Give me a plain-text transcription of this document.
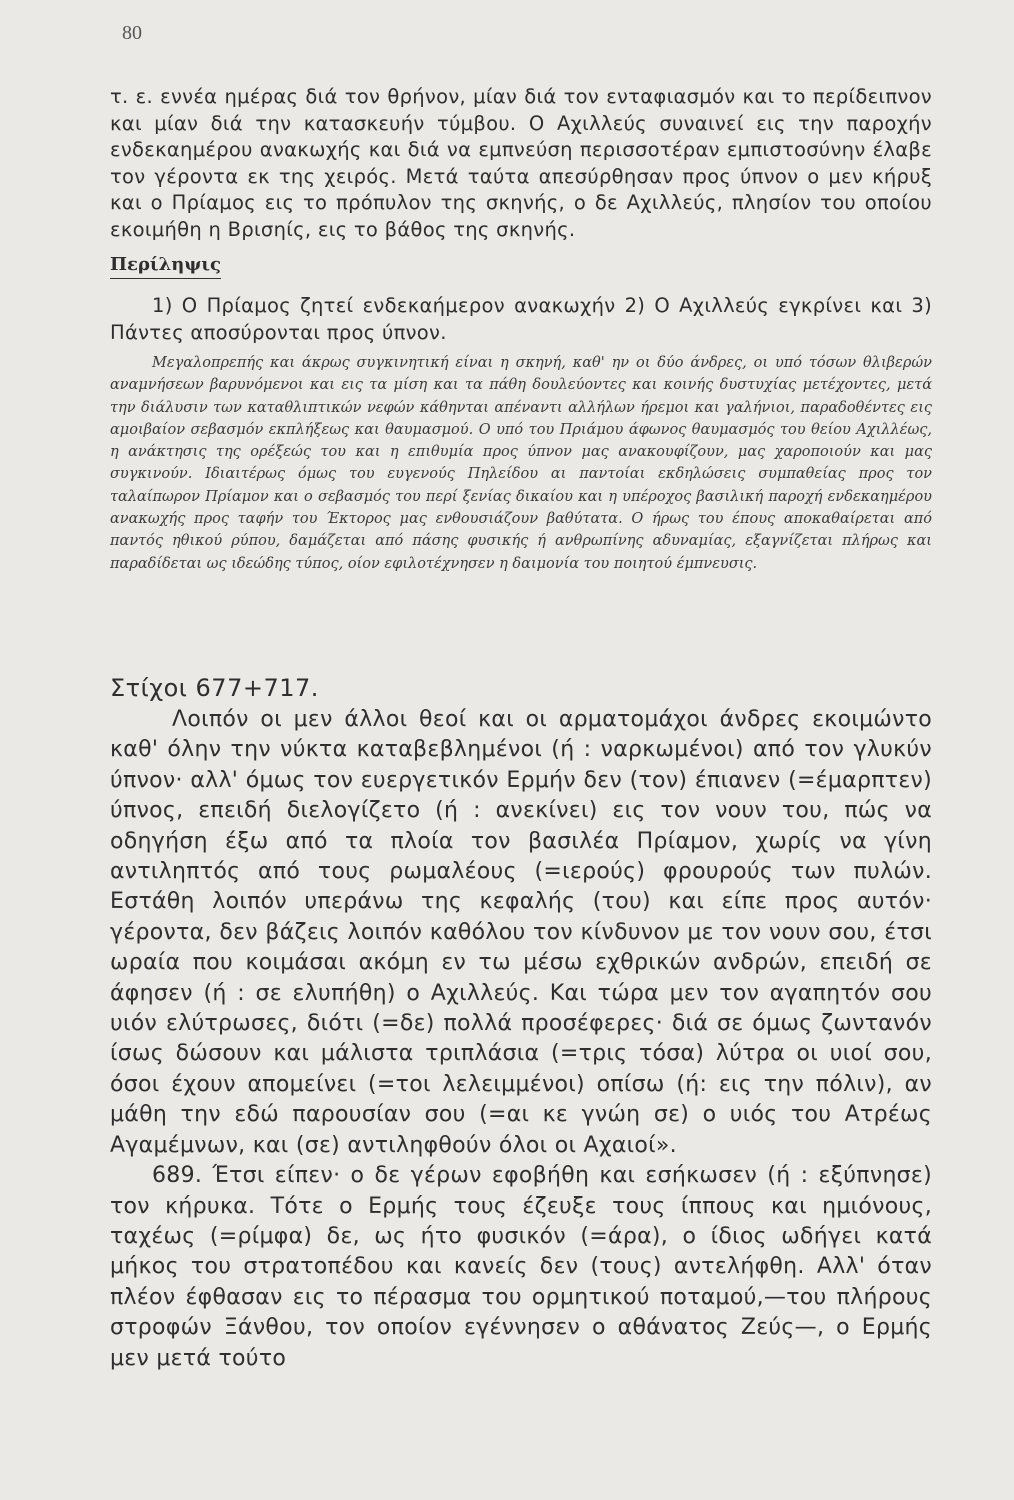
80
τ. ε. εννέα ημέρας διά τον θρήνον, μίαν διά τον ενταφιασμόν και το περίδειπνον και μίαν διά την κατασκευήν τύμβου. Ο Αχιλλεύς συναινεί εις την παροχήν ενδεκαημέρου ανακωχής και διά να εμπνεύση περισσοτέραν εμπιστοσύνην έλαβε τον γέροντα εκ της χειρός. Μετά ταύτα απεσύρθησαν προς ύπνον ο μεν κήρυξ και ο Πρίαμος εις το πρόπυλον της σκηνής, ο δε Αχιλλεύς, πλησίον του οποίου εκοιμήθη η Βρισηίς, εις το βάθος της σκηνής.
Περίληψις
1) Ο Πρίαμος ζητεί ενδεκαήμερον ανακωχήν 2) Ο Αχιλλεύς εγκρίνει και 3) Πάντες αποσύρονται προς ύπνον.
Μεγαλοπρεπής και άκρως συγκινητική είναι η σκηνή, καθ' ην οι δύο άνδρες, οι υπό τόσων θλιβερών αναμνήσεων βαρυνόμενοι και εις τα μίση και τα πάθη δουλεύοντες και κοινής δυστυχίας μετέχοντες, μετά την διάλυσιν των καταθλιπτικών νεφών κάθηνται απέναντι αλλήλων ήρεμοι και γαλήνιοι, παραδοθέντες εις αμοιβαίον σεβασμόν εκπλήξεως και θαυμασμού. Ο υπό του Πριάμου άφωνος θαυμασμός του θείου Αχιλλέως, η ανάκτησις της ορέξεώς του και η επιθυμία προς ύπνον μας ανακουφίζουν, μας χαροποιούν και μας συγκινούν. Ιδιαιτέρως όμως του ευγενούς Πηλείδου αι παντοίαι εκδηλώσεις συμπαθείας προς τον ταλαίπωρον Πρίαμον και ο σεβασμός του περί ξενίας δικαίου και η υπέροχος βασιλική παροχή ενδεκαημέρου ανακωχής προς ταφήν του Έκτορος μας ενθουσιάζουν βαθύτατα. Ο ήρως του έπους αποκαθαίρεται από παντός ηθικού ρύπου, δαμάζεται από πάσης φυσικής ή ανθρωπίνης αδυναμίας, εξαγνίζεται πλήρως και παραδίδεται ως ιδεώδης τύπος, οίον εφιλοτέχνησεν η δαιμονία του ποιητού έμπνευσις.
Στίχοι 677+717.

Λοιπόν οι μεν άλλοι θεοί και οι αρματομάχοι άνδρες εκοιμώντο καθ' όλην την νύκτα καταβεβλημένοι (ή : ναρκωμένοι) από τον γλυκύν ύπνον· αλλ' όμως τον ευεργετικόν Ερμήν δεν (τον) έπιανεν (=έμαρπτεν) ύπνος, επειδή διελογίζετο (ή : ανεκίνει) εις τον νουν του, πώς να οδηγήση έξω από τα πλοία τον βασιλέα Πρίαμον, χωρίς να γίνη αντιληπτός από τους ρωμαλέους (=ιερούς) φρουρούς των πυλών. Εστάθη λοιπόν υπεράνω της κεφαλής (του) και είπε προς αυτόν· γέροντα, δεν βάζεις λοιπόν καθόλου τον κίνδυνον με τον νουν σου, έτσι ωραία που κοιμάσαι ακόμη εν τω μέσω εχθρικών ανδρών, επειδή σε άφησεν (ή : σε ελυπήθη) ο Αχιλλεύς. Και τώρα μεν τον αγαπητόν σου υιόν ελύτρωσες, διότι (=δε) πολλά προσέφερες· διά σε όμως ζωντανόν ίσως δώσουν και μάλιστα τριπλάσια (=τρις τόσα) λύτρα οι υιοί σου, όσοι έχουν απομείνει (=τοι λελειμμένοι) οπίσω (ή: εις την πόλιν), αν μάθη την εδώ παρουσίαν σου (=αι κε γνώη σε) ο υιός του Ατρέως Αγαμέμνων, και (σε) αντιληφθούν όλοι οι Αχαιοί».

689. Έτσι είπεν· ο δε γέρων εφοβήθη και εσήκωσεν (ή : εξύπνησε) τον κήρυκα. Τότε ο Ερμής τους έζευξε τους ίππους και ημιόνους, ταχέως (=ρίμφα) δε, ως ήτο φυσικόν (=άρα), ο ίδιος ωδήγει κατά μήκος του στρατοπέδου και κανείς δεν (τους) αντελήφθη. Αλλ' όταν πλέον έφθασαν εις το πέρασμα του ορμητικού ποταμού,—του πλήρους στροφών Ξάνθου, τον οποίον εγέννησεν ο αθάνατος Ζεύς—, ο Ερμής μεν μετά τούτο
